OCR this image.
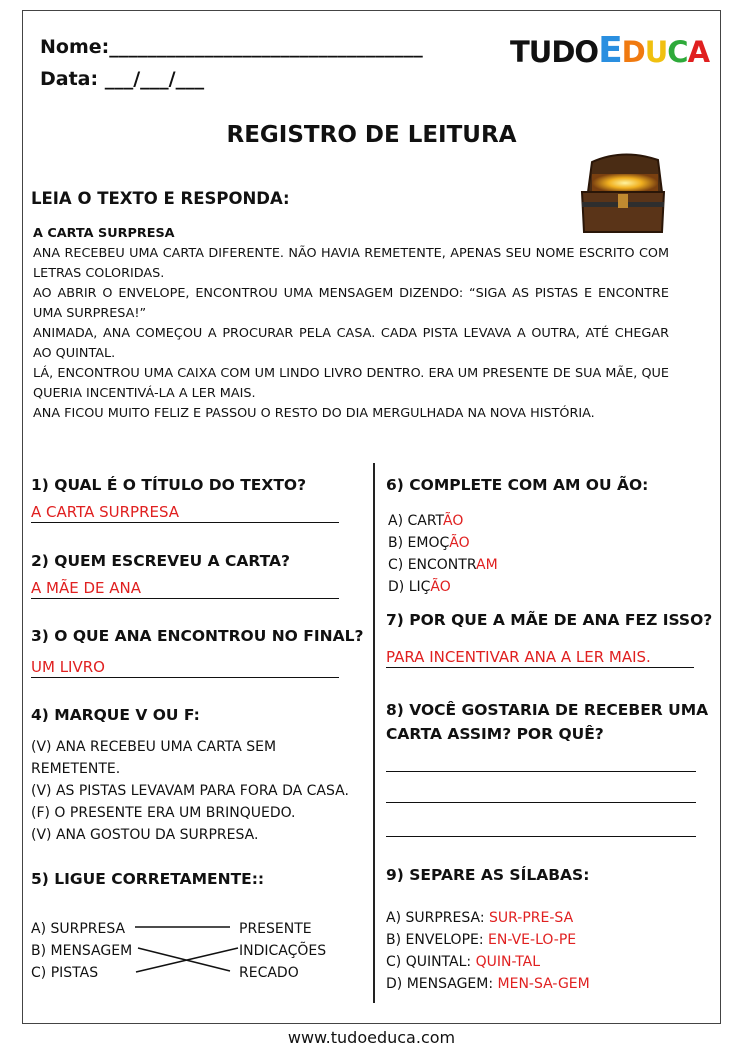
Nome:_________________________________
Data: ___/___/___
TUDOEDUCA
REGISTRO DE LEITURA
LEIA O TEXTO E RESPONDA:
A CARTA SURPRESA
ANA RECEBEU UMA CARTA DIFERENTE. NÃO HAVIA REMETENTE, APENAS SEU NOME ESCRITO COM LETRAS COLORIDAS.
AO ABRIR O ENVELOPE, ENCONTROU UMA MENSAGEM DIZENDO: “SIGA AS PISTAS E ENCONTRE UMA SURPRESA!”
ANIMADA, ANA COMEÇOU A PROCURAR PELA CASA. CADA PISTA LEVAVA A OUTRA, ATÉ CHEGAR AO QUINTAL.
LÁ, ENCONTROU UMA CAIXA COM UM LINDO LIVRO DENTRO. ERA UM PRESENTE DE SUA MÃE, QUE QUERIA INCENTIVÁ-LA A LER MAIS.
ANA FICOU MUITO FELIZ E PASSOU O RESTO DO DIA MERGULHADA NA NOVA HISTÓRIA.
1) QUAL É O TÍTULO DO TEXTO?
A CARTA SURPRESA
2) QUEM ESCREVEU A CARTA?
A MÃE DE ANA
3) O QUE ANA ENCONTROU NO FINAL?
UM LIVRO
4) MARQUE V OU F:
(V) ANA RECEBEU UMA CARTA SEM
REMETENTE.
(V) AS PISTAS LEVAVAM PARA FORA DA CASA.
(F) O PRESENTE ERA UM BRINQUEDO.
(V) ANA GOSTOU DA SURPRESA.
5) LIGUE CORRETAMENTE::
A) SURPRESA
B) MENSAGEM
C) PISTAS
PRESENTE
INDICAÇÕES
RECADO
6) COMPLETE COM AM OU ÃO:
A) CARTÃO
B) EMOÇÃO
C) ENCONTRAM
D) LIÇÃO
7) POR QUE A MÃE DE ANA FEZ ISSO?
PARA INCENTIVAR ANA A LER MAIS.
8) VOCÊ GOSTARIA DE RECEBER UMA
CARTA ASSIM? POR QUÊ?
9) SEPARE AS SÍLABAS:
A) SURPRESA: SUR-PRE-SA
B) ENVELOPE: EN-VE-LO-PE
C) QUINTAL: QUIN-TAL
D) MENSAGEM: MEN-SA-GEM
www.tudoeduca.com
